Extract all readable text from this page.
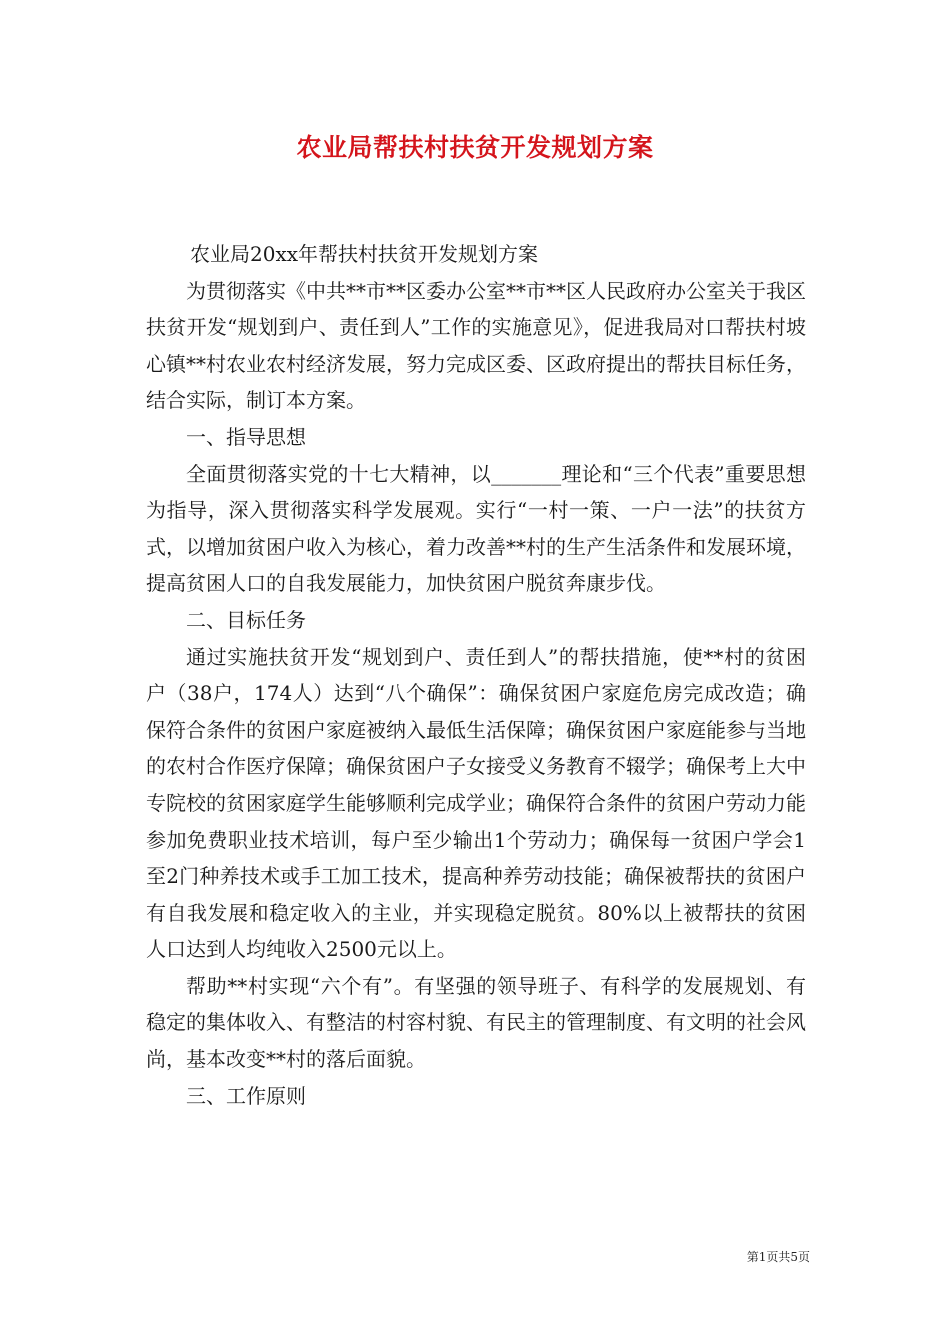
农业局帮扶村扶贫开发规划方案

农业局20xx年帮扶村扶贫开发规划方案

为贯彻落实《中共**市**区委办公室**市**区人民政府办公室关于我区扶贫开发“规划到户、责任到人”工作的实施意见》，促进我局对口帮扶村坡心镇**村农业农村经济发展，努力完成区委、区政府提出的帮扶目标任务，结合实际，制订本方案。

一、指导思想

全面贯彻落实党的十七大精神，以_______理论和“三个代表”重要思想为指导，深入贯彻落实科学发展观。实行“一村一策、一户一法”的扶贫方式，以增加贫困户收入为核心，着力改善**村的生产生活条件和发展环境，提高贫困人口的自我发展能力，加快贫困户脱贫奔康步伐。

二、目标任务

通过实施扶贫开发“规划到户、责任到人”的帮扶措施，使**村的贫困户（38户，174人）达到“八个确保”：确保贫困户家庭危房完成改造；确保符合条件的贫困户家庭被纳入最低生活保障；确保贫困户家庭能参与当地的农村合作医疗保障；确保贫困户子女接受义务教育不辍学；确保考上大中专院校的贫困家庭学生能够顺利完成学业；确保符合条件的贫困户劳动力能参加免费职业技术培训，每户至少输出1个劳动力；确保每一贫困户学会1至2门种养技术或手工加工技术，提高种养劳动技能；确保被帮扶的贫困户有自我发展和稳定收入的主业，并实现稳定脱贫。80%以上被帮扶的贫困人口达到人均纯收入2500元以上。

帮助**村实现“六个有”。有坚强的领导班子、有科学的发展规划、有稳定的集体收入、有整洁的村容村貌、有民主的管理制度、有文明的社会风尚，基本改变**村的落后面貌。

三、工作原则

第1页共5页
